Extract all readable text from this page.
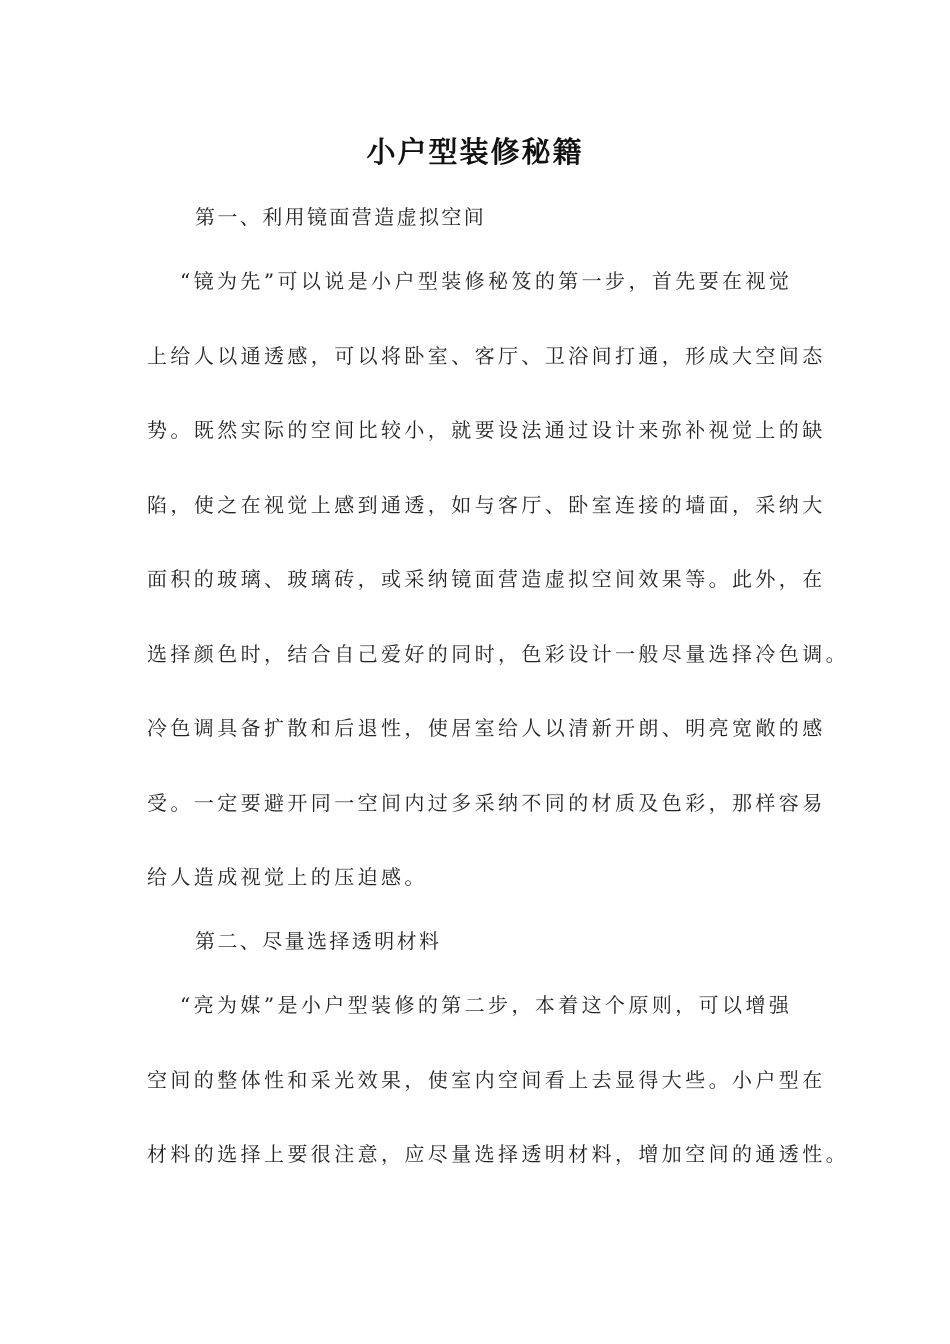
小户型装修秘籍
第一、利用镜面营造虚拟空间
“镜为先”可以说是小户型装修秘笈的第一步，首先要在视觉
上给人以通透感，可以将卧室、客厅、卫浴间打通，形成大空间态
势。既然实际的空间比较小，就要设法通过设计来弥补视觉上的缺
陷，使之在视觉上感到通透，如与客厅、卧室连接的墙面，采纳大
面积的玻璃、玻璃砖，或采纳镜面营造虚拟空间效果等。此外，在
选择颜色时，结合自己爱好的同时，色彩设计一般尽量选择冷色调。
冷色调具备扩散和后退性，使居室给人以清新开朗、明亮宽敞的感
受。一定要避开同一空间内过多采纳不同的材质及色彩，那样容易
给人造成视觉上的压迫感。
第二、尽量选择透明材料
“亮为媒”是小户型装修的第二步，本着这个原则，可以增强
空间的整体性和采光效果，使室内空间看上去显得大些。小户型在
材料的选择上要很注意，应尽量选择透明材料，增加空间的通透性。
